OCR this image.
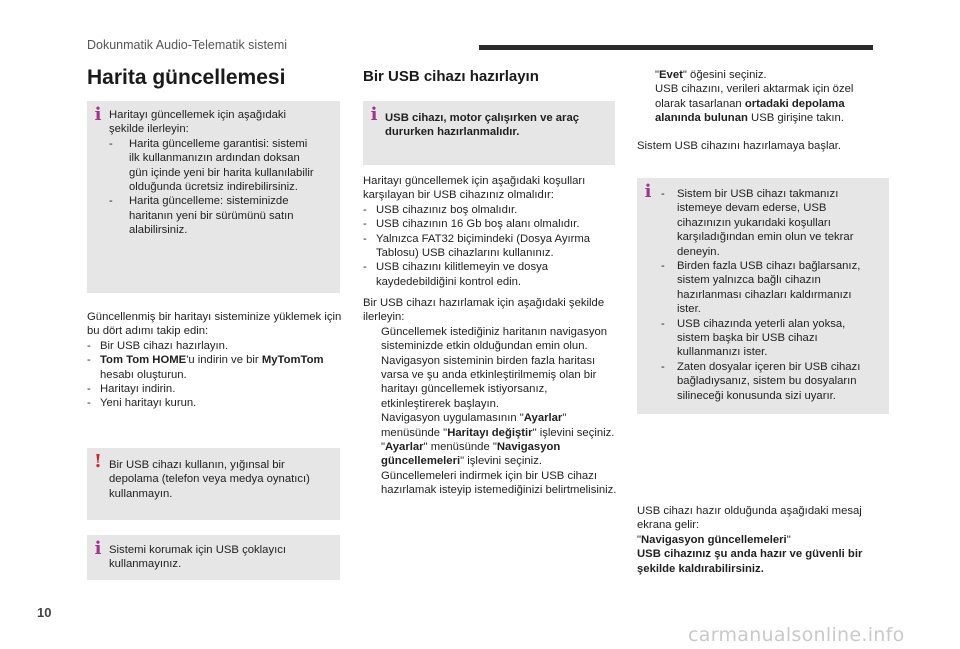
Dokunmatik Audio-Telematik sistemi
Harita güncellemesi
i Haritayı güncellemek için aşağıdaki şekilde ilerleyin:
- Harita güncelleme garantisi: sistemi ilk kullanmanızın ardından doksan gün içinde yeni bir harita kullanılabilir olduğunda ücretsiz indirebilirsiniz.
- Harita güncelleme: sisteminizde haritanın yeni bir sürümünü satın alabilirsiniz.
Güncellenmiş bir haritayı sisteminize yüklemek için bu dört adımı takip edin:
- Bir USB cihazı hazırlayın.
- Tom Tom HOME'u indirin ve bir MyTomTom hesabı oluşturun.
- Haritayı indirin.
- Yeni haritayı kurun.
! Bir USB cihazı kullanın, yığınsal bir depolama (telefon veya medya oynatıcı) kullanmayın.
i Sistemi korumak için USB çoklayıcı kullanmayınız.
Bir USB cihazı hazırlayın
i USB cihazı, motor çalışırken ve araç dururken hazırlanmalıdır.
Haritayı güncellemek için aşağıdaki koşulları karşılayan bir USB cihazınız olmalıdır:
- USB cihazınız boş olmalıdır.
- USB cihazının 16 Gb boş alanı olmalıdır.
- Yalnızca FAT32 biçimindeki (Dosya Ayırma Tablosu) USB cihazlarını kullanınız.
- USB cihazını kilitlemeyin ve dosya kaydedebildiğini kontrol edin.
Bir USB cihazı hazırlamak için aşağıdaki şekilde ilerleyin:
Güncellemek istediğiniz haritanın navigasyon sisteminizde etkin olduğundan emin olun.
Navigasyon sisteminin birden fazla haritası varsa ve şu anda etkinleştirilmemiş olan bir haritayı güncellemek istiyorsanız, etkinleştirerek başlayın.
Navigasyon uygulamasının "Ayarlar" menüsünde "Haritayı değiştir" işlevini seçiniz.
"Ayarlar" menüsünde "Navigasyon güncellemeleri" işlevini seçiniz.
Güncellemeleri indirmek için bir USB cihazı hazırlamak isteyip istemediğinizi belirtmelisiniz.
"Evet" öğesini seçiniz.
USB cihazını, verileri aktarmak için özel olarak tasarlanan ortadaki depolama alanında bulunan USB girişine takın.
Sistem USB cihazını hazırlamaya başlar.
i - Sistem bir USB cihazı takmanızı istemeye devam ederse, USB cihazınızın yukarıdaki koşulları karşıladığından emin olun ve tekrar deneyin.
- Birden fazla USB cihazı bağlarsanız, sistem yalnızca bağlı cihazın hazırlanması cihazları kaldırmanızı ister.
- USB cihazında yeterli alan yoksa, sistem başka bir USB cihazı kullanmanızı ister.
- Zaten dosyalar içeren bir USB cihazı bağladıysanız, sistem bu dosyaların silineceği konusunda sizi uyarır.
USB cihazı hazır olduğunda aşağıdaki mesaj ekrana gelir:
"Navigasyon güncellemeleri"
USB cihazınız şu anda hazır ve güvenli bir şekilde kaldırabilirsiniz.
10
carmanualsonline.info
